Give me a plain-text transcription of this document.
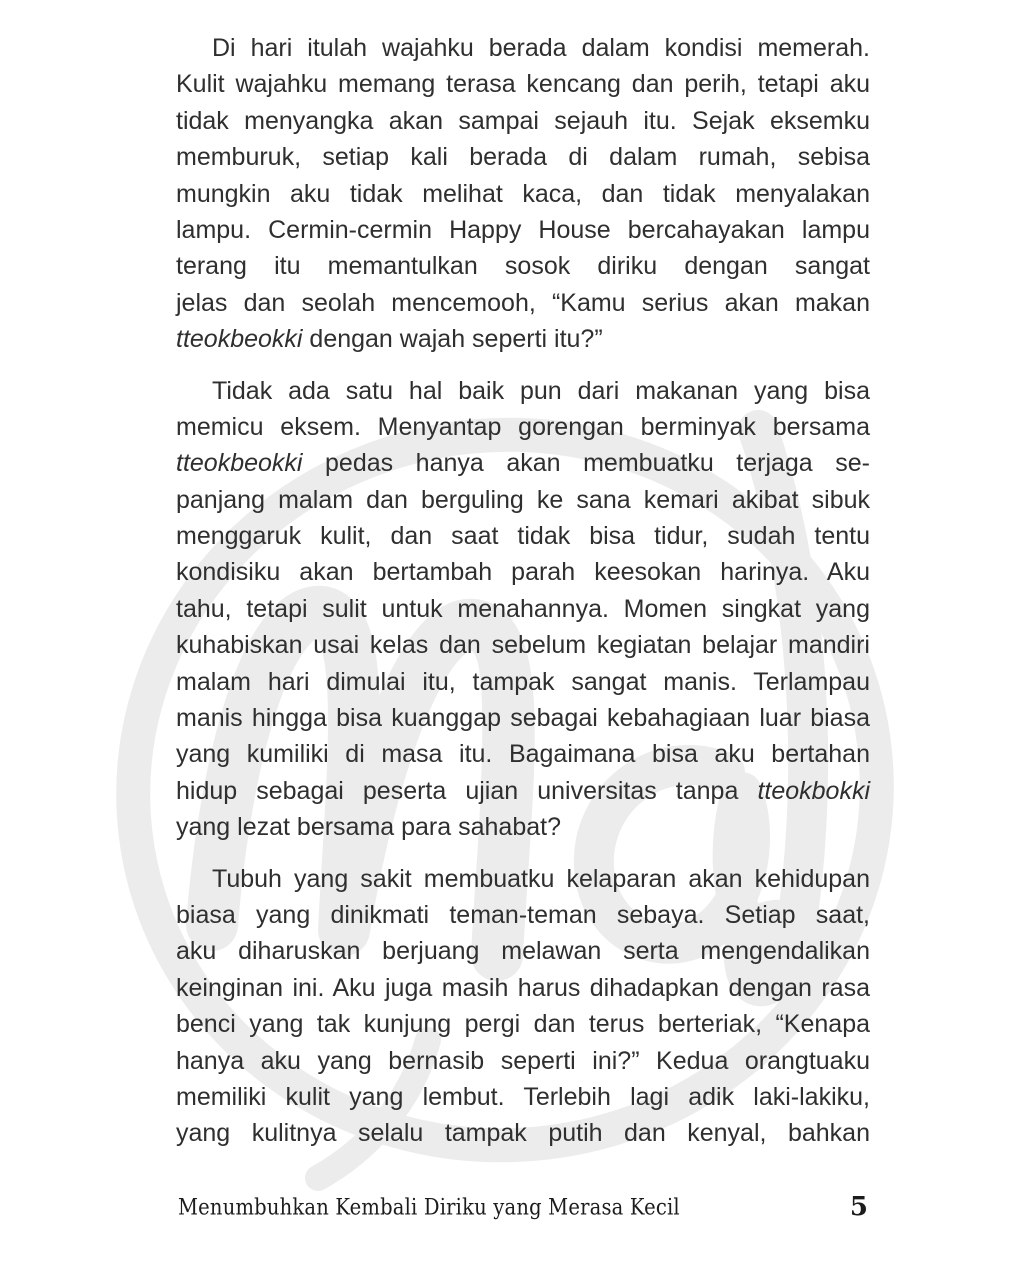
Di hari itulah wajahku berada dalam kondisi memerah.
Kulit wajahku memang terasa kencang dan perih, tetapi aku
tidak menyangka akan sampai sejauh itu. Sejak eksemku
memburuk, setiap kali berada di dalam rumah, sebisa
mungkin aku tidak melihat kaca, dan tidak menyalakan
lampu. Cermin-cermin Happy House bercahayakan lampu
terang itu memantulkan sosok diriku dengan sangat
jelas dan seolah mencemooh, “Kamu serius akan makan
tteokbeokki dengan wajah seperti itu?”
Tidak ada satu hal baik pun dari makanan yang bisa
memicu eksem. Menyantap gorengan berminyak bersama
tteokbeokki pedas hanya akan membuatku terjaga se-
panjang malam dan berguling ke sana kemari akibat sibuk
menggaruk kulit, dan saat tidak bisa tidur, sudah tentu
kondisiku akan bertambah parah keesokan harinya. Aku
tahu, tetapi sulit untuk menahannya. Momen singkat yang
kuhabiskan usai kelas dan sebelum kegiatan belajar mandiri
malam hari dimulai itu, tampak sangat manis. Terlampau
manis hingga bisa kuanggap sebagai kebahagiaan luar biasa
yang kumiliki di masa itu. Bagaimana bisa aku bertahan
hidup sebagai peserta ujian universitas tanpa tteokbokki
yang lezat bersama para sahabat?
Tubuh yang sakit membuatku kelaparan akan kehidupan
biasa yang dinikmati teman-teman sebaya. Setiap saat,
aku diharuskan berjuang melawan serta mengendalikan
keinginan ini. Aku juga masih harus dihadapkan dengan rasa
benci yang tak kunjung pergi dan terus berteriak, “Kenapa
hanya aku yang bernasib seperti ini?” Kedua orangtuaku
memiliki kulit yang lembut. Terlebih lagi adik laki-lakiku,
yang kulitnya selalu tampak putih dan kenyal, bahkan
Menumbuhkan Kembali Diriku yang Merasa Kecil	5
